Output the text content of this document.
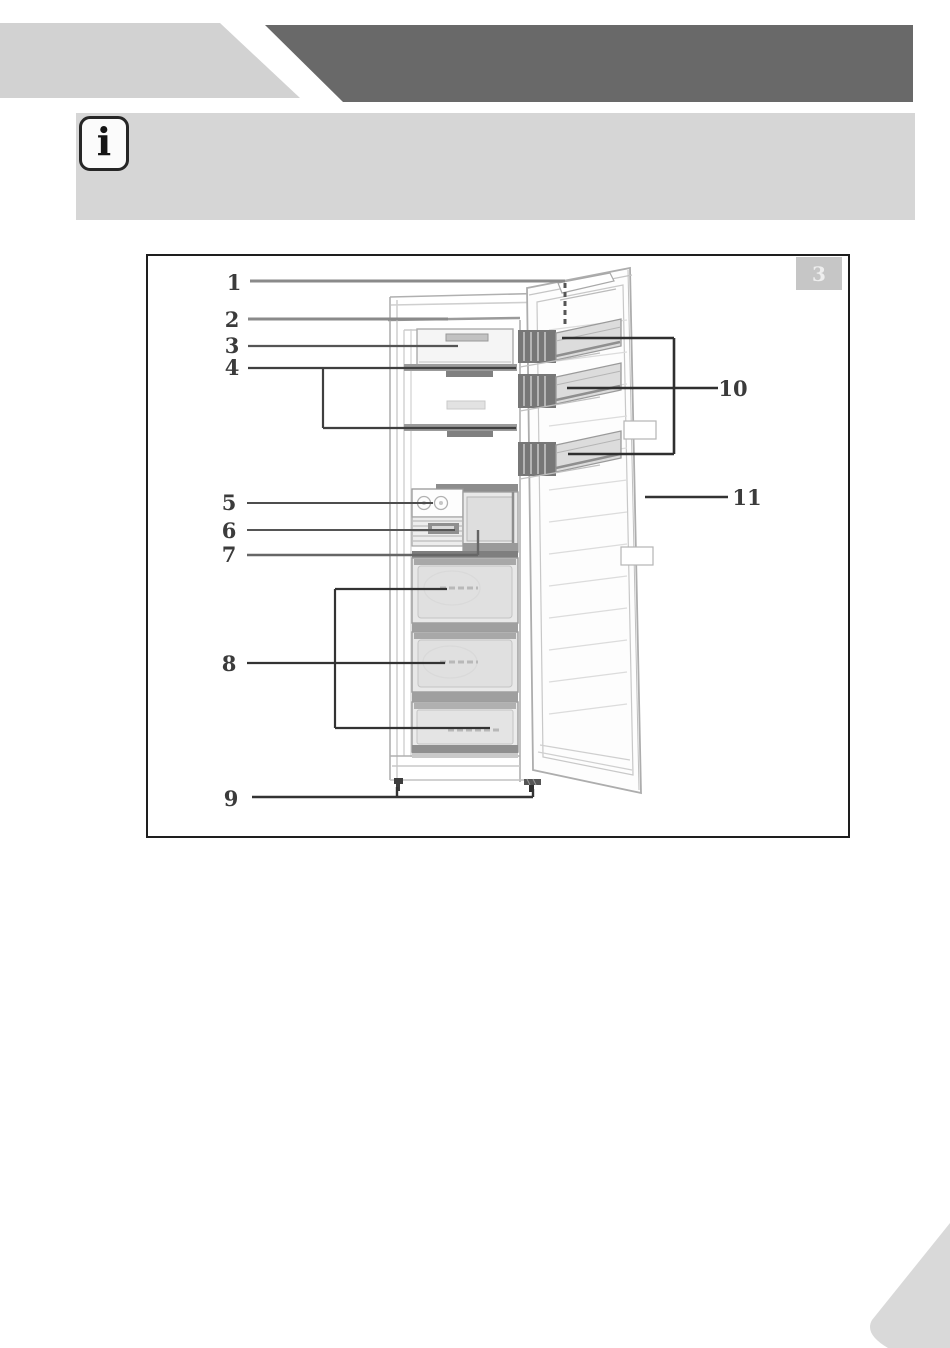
i
3
1
2
3
4
5
6
7
8
9
10
11
